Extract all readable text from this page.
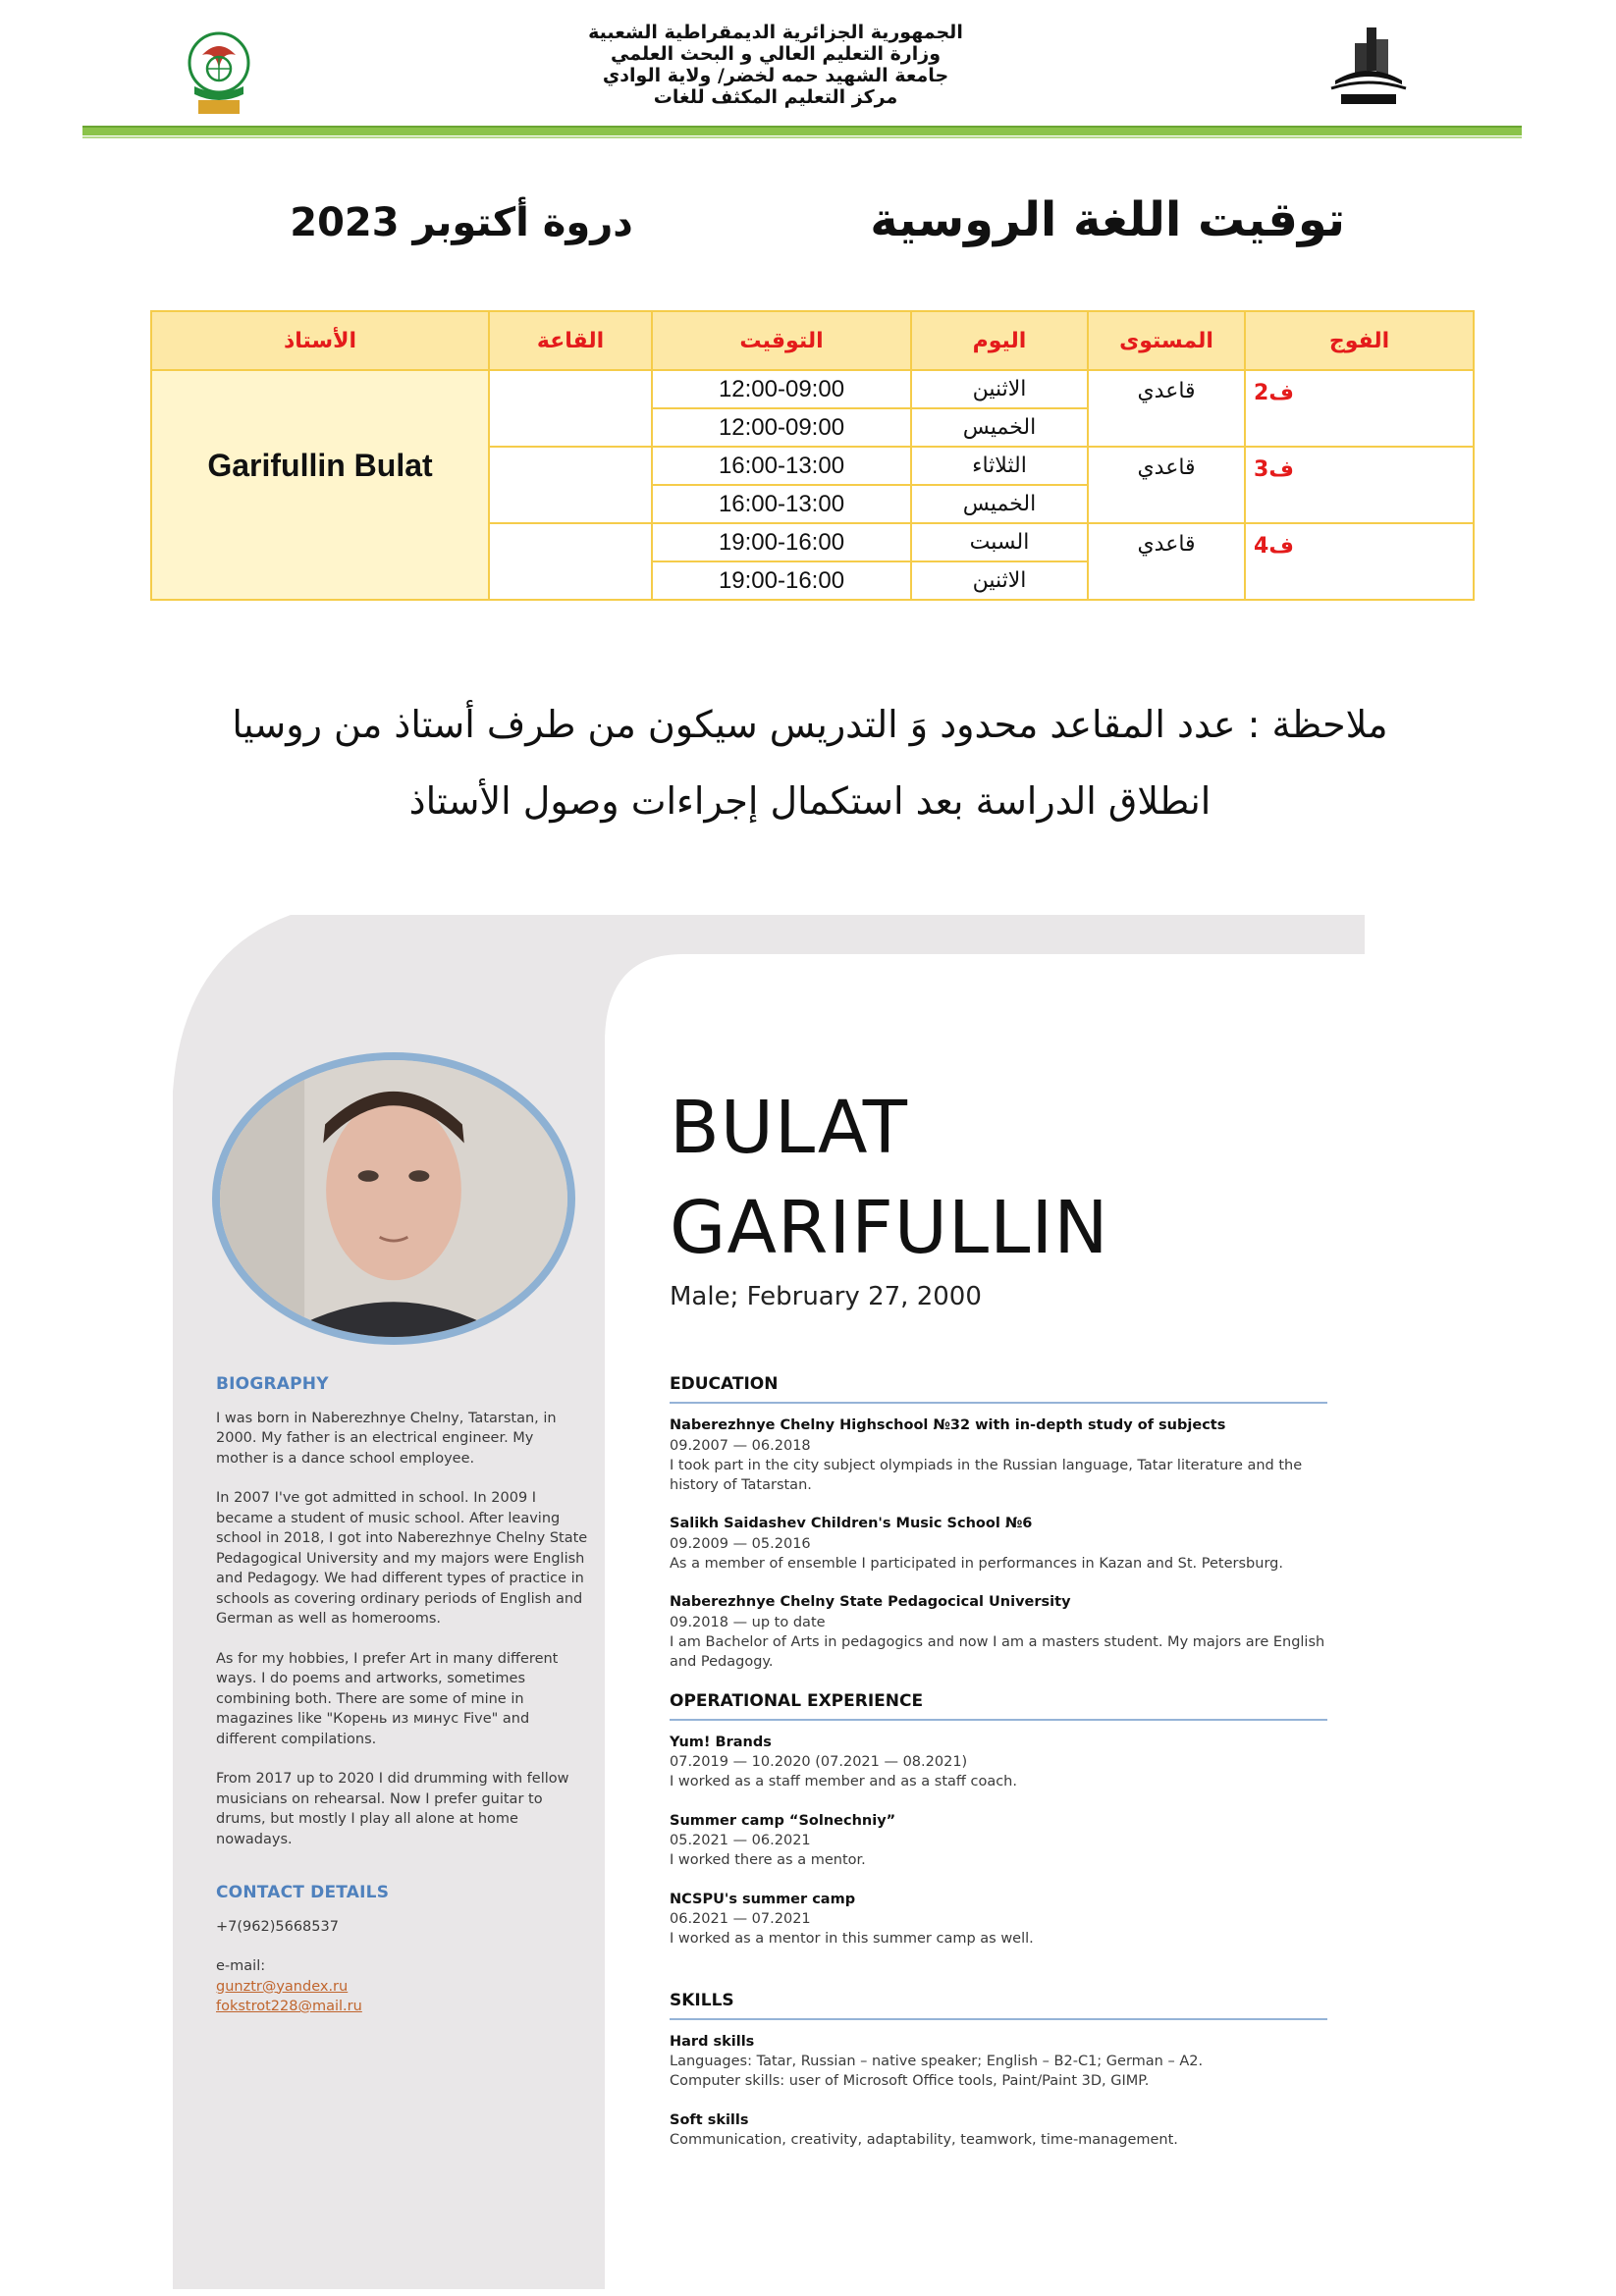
الجمهورية الجزائرية الديمقراطية الشعبية
وزارة التعليم العالي و البحث العلمي
جامعة الشهيد حمه لخضر/ ولاية الوادي
مركز التعليم المكثف للغات
توقيت اللغة الروسية
دروة أكتوبر 2023
الفوج	المستوى	اليوم	التوقيت	القاعة	الأستاذ
ف2	قاعدي	الاثنين	12:00-09:00		Garifullin Bulat
		الخميس	12:00-09:00		
ف3	قاعدي	الثلاثاء	16:00-13:00		
		الخميس	16:00-13:00		
ف4	قاعدي	السبت	19:00-16:00		
		الاثنين	19:00-16:00		
ملاحظة : عدد المقاعد محدود وَ التدريس سيكون من طرف أستاذ من روسيا
انطلاق الدراسة بعد استكمال إجراءات وصول الأستاذ
BULAT
GARIFULLIN
Male; February 27, 2000
BIOGRAPHY

I was born in Naberezhnye Chelny, Tatarstan, in 2000. My father is an electrical engineer. My mother is a dance school employee.

In 2007 I've got admitted in school. In 2009 I became a student of music school. After leaving school in 2018, I got into Naberezhnye Chelny State Pedagogical University and my majors were English and Pedagogy. We had different types of practice in schools as covering ordinary periods of English and German as well as homerooms.

As for my hobbies, I prefer Art in many different ways. I do poems and artworks, sometimes combining both. There are some of mine in magazines like "Корень из минус Five" and different compilations.

From 2017 up to 2020 I did drumming with fellow musicians on rehearsal. Now I prefer guitar to drums, but mostly I play all alone at home nowadays.

CONTACT DETAILS

+7(962)5668537

e-mail:
gunztr@yandex.ru
fokstrot228@mail.ru
EDUCATION
Naberezhnye Chelny Highschool №32 with in-depth study of subjects
09.2007 — 06.2018
I took part in the city subject olympiads in the Russian language, Tatar literature and the history of Tatarstan.
Salikh Saidashev Children's Music School №6
09.2009 — 05.2016
As a member of ensemble I participated in performances in Kazan and St. Petersburg.
Naberezhnye Chelny State Pedagocical University
09.2018 — up to date
I am Bachelor of Arts in pedagogics and now I am a masters student. My majors are English and Pedagogy.
OPERATIONAL EXPERIENCE
Yum! Brands
07.2019 — 10.2020 (07.2021 — 08.2021)
I worked as a staff member and as a staff coach.
Summer camp “Solnechniy”
05.2021 — 06.2021
I worked there as a mentor.
NCSPU's summer camp
06.2021 — 07.2021
I worked as a mentor in this summer camp as well.
SKILLS
Hard skills
Languages: Tatar, Russian – native speaker; English – B2-C1; German – A2.
Computer skills: user of Microsoft Office tools, Paint/Paint 3D, GIMP.
Soft skills
Communication, creativity, adaptability, teamwork, time-management.
